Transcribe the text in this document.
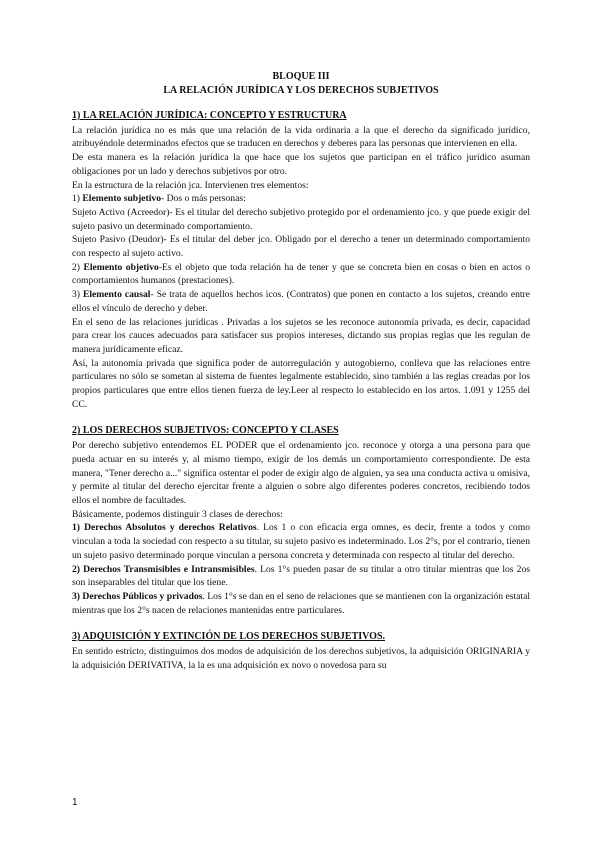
BLOQUE III
LA RELACIÓN JURÍDICA Y LOS DERECHOS SUBJETIVOS
1) LA RELACIÓN JURÍDICA: CONCEPTO Y ESTRUCTURA

La relación jurídica no es más que una relación de la vida ordinaria a la que el derecho da significado jurídico, atribuyéndole determinados efectos que se traducen en derechos y deberes para las personas que intervienen en ella.

De esta manera es la relación jurídica la que hace que los sujetos que participan en el tráfico jurídico asuman obligaciones por un lado y derechos subjetivos por otro.

En la estructura de la relación jca. Intervienen tres elementos:

1) Elemento subjetivo- Dos o más personas:

Sujeto Activo (Acreedor)- Es el titular del derecho subjetivo protegido por el ordenamiento jco. y que puede exigir del sujeto pasivo un determinado comportamiento.

Sujeto Pasivo (Deudor)- Es el titular del deber jco. Obligado por el derecho a tener un determinado comportamiento con respecto al sujeto activo.

2) Elemento objetivo-Es el objeto que toda relación ha de tener y que se concreta bien en cosas o bien en actos o comportamientos humanos (prestaciones).

3) Elemento causal- Se trata de aquellos hechos icos. (Contratos) que ponen en contacto a los sujetos, creando entre ellos el vínculo de derecho y deber.

En el seno de las relaciones jurídicas . Privadas a los sujetos se les reconoce autonomía privada, es decir, capacidad para crear los cauces adecuados para satisfacer sus propios intereses, dictando sus propias reglas que les regulan de manera jurídicamente eficaz.

Así, la autonomía privada que significa poder de autorregulación y autogobierno, conlleva que las relaciones entre particulares no sólo se sometan al sistema de fuentes legalmente establecido, sino también a las reglas creadas por los propios particulares que entre ellos tienen fuerza de ley.Leer al respecto lo establecido en los artos. 1.091 y 1255 del CC.

2) LOS DERECHOS SUBJETIVOS: CONCEPTO Y CLASES

Por derecho subjetivo entendemos EL PODER que el ordenamiento jco. reconoce y otorga a una persona para que pueda actuar en su interés y, al mismo tiempo, exigir de los demás un comportamiento correspondiente. De esta manera, "Tener derecho a..." significa ostentar el poder de exigir algo de alguien, ya sea una conducta activa u omisiva, y permite al titular del derecho ejercitar frente a alguien o sobre algo diferentes poderes concretos, recibiendo todos ellos el nombre de facultades.

Básicamente, podemos distinguir 3 clases de derechos:

1) Derechos Absolutos y derechos Relativos. Los 1 o con eficacia erga omnes, es decir, frente a todos y como vinculan a toda la sociedad con respecto a su titular, su sujeto pasivo es indeterminado. Los 2°s, por el contrario, tienen un sujeto pasivo determinado porque vinculan a persona concreta y determinada con respecto al titular del derecho.

2) Derechos Transmisibles e Intransmisibles. Los 1°s pueden pasar de su titular a otro titular mientras que los 2os son inseparables del titular que los tiene.

3) Derechos Públicos y privados. Los 1°s se dan en el seno de relaciones que se mantienen con la organización estatal mientras que los 2°s nacen de relaciones mantenidas entre particulares.

3) ADQUISICIÓN Y EXTINCIÓN DE LOS DERECHOS SUBJETIVOS.

En sentido estricto, distinguimos dos modos de adquisición de los derechos subjetivos, la adquisición ORIGINARIA y la adquisición DERIVATIVA, la la es una adquisición ex novo o novedosa para su

1
